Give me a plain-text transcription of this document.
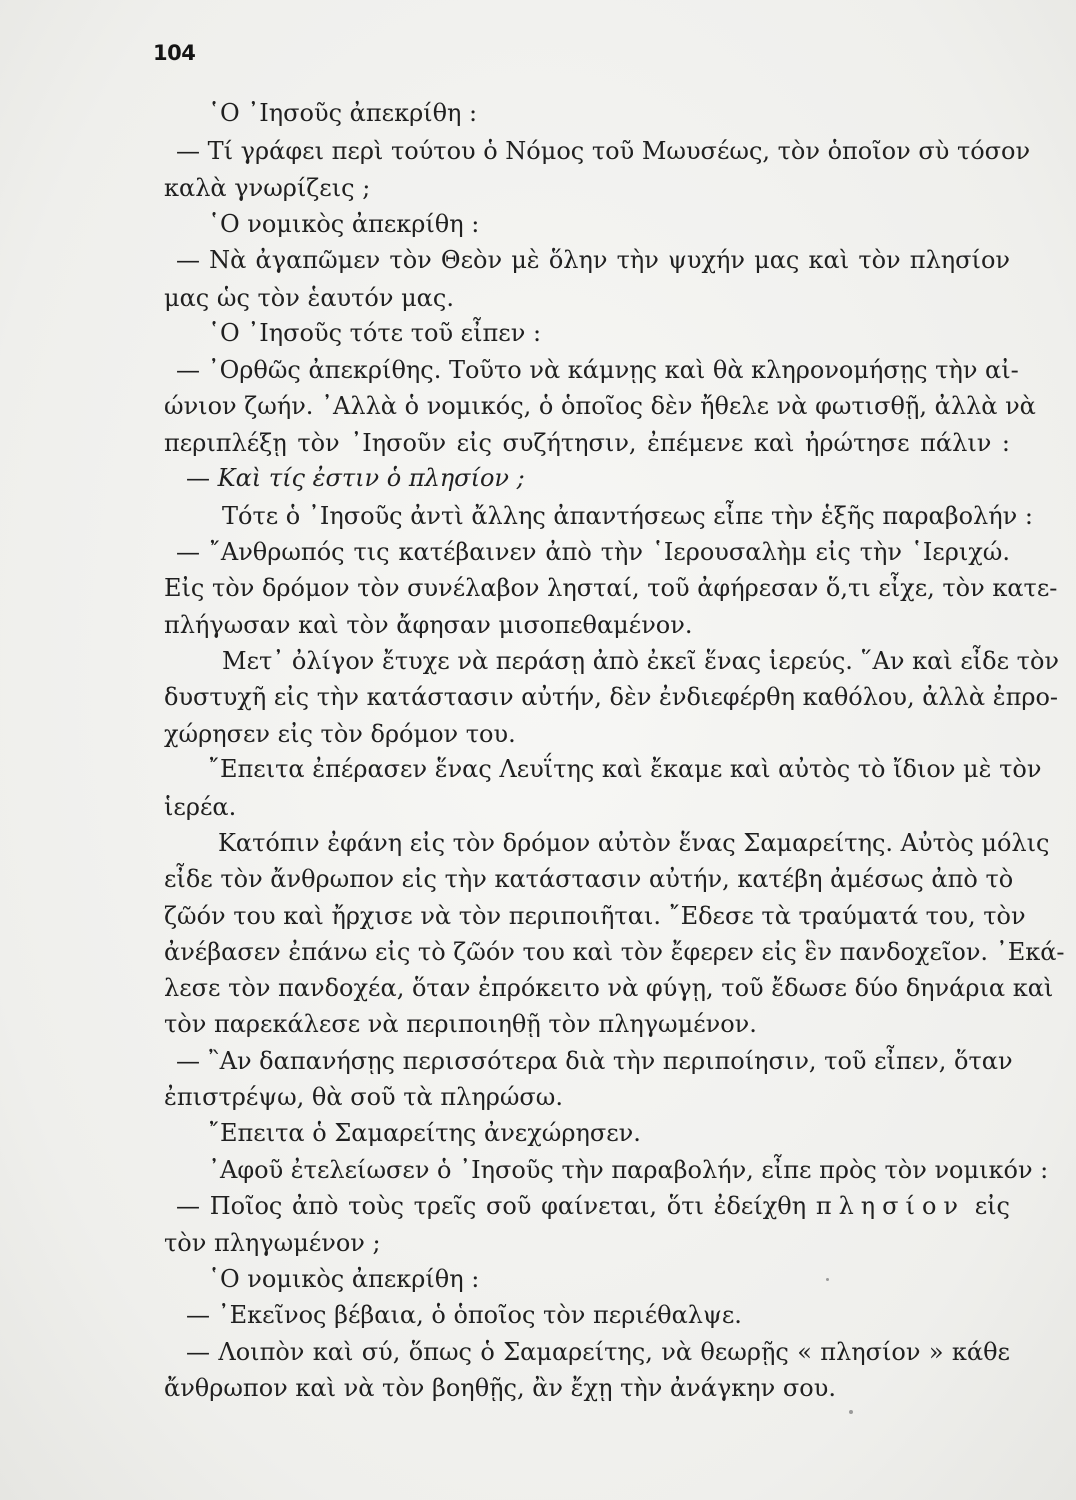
104
῾Ο ᾿Ιησοῦς ἀπεκρίθη :
— Τί γράφει περὶ τούτου ὁ Νόμος τοῦ Μωυσέως, τὸν ὁποῖον σὺ τόσον
καλὰ γνωρίζεις ;
῾Ο νομικὸς ἀπεκρίθη :
— Νὰ ἀγαπῶμεν τὸν Θεὸν μὲ ὅλην τὴν ψυχήν μας καὶ τὸν πλησίον
μας ὡς τὸν ἑαυτόν μας.
῾Ο ᾿Ιησοῦς τότε τοῦ εἶπεν :
— ᾿Ορθῶς ἀπεκρίθης. Τοῦτο νὰ κάμνῃς καὶ θὰ κληρονομήσῃς τὴν αἰ-
ώνιον ζωήν. ᾿Αλλὰ ὁ νομικός, ὁ ὁποῖος δὲν ἤθελε νὰ φωτισθῇ, ἀλλὰ νὰ
περιπλέξῃ τὸν ᾿Ιησοῦν εἰς συζήτησιν, ἐπέμενε καὶ ἠρώτησε πάλιν :
— Καὶ τίς ἐστιν ὁ πλησίον ;
Τότε ὁ ᾿Ιησοῦς ἀντὶ ἄλλης ἀπαντήσεως εἶπε τὴν ἑξῆς παραβολήν :
— ῎Ανθρωπός τις κατέβαινεν ἀπὸ τὴν ῾Ιερουσαλὴμ εἰς τὴν ῾Ιεριχώ.
Εἰς τὸν δρόμον τὸν συνέλαβον λησταί, τοῦ ἀφήρεσαν ὅ,τι εἶχε, τὸν κατε-
πλήγωσαν καὶ τὸν ἄφησαν μισοπεθαμένον.
Μετ᾿ ὀλίγον ἔτυχε νὰ περάσῃ ἀπὸ ἐκεῖ ἕνας ἱερεύς. ῞Αν καὶ εἶδε τὸν
δυστυχῆ εἰς τὴν κατάστασιν αὐτήν, δὲν ἐνδιεφέρθη καθόλου, ἀλλὰ ἐπρο-
χώρησεν εἰς τὸν δρόμον του.
῎Επειτα ἐπέρασεν ἕνας Λευΐτης καὶ ἔκαμε καὶ αὐτὸς τὸ ἴδιον μὲ τὸν
ἱερέα.
Κατόπιν ἐφάνη εἰς τὸν δρόμον αὐτὸν ἕνας Σαμαρείτης. Αὐτὸς μόλις
εἶδε τὸν ἄνθρωπον εἰς τὴν κατάστασιν αὐτήν, κατέβη ἀμέσως ἀπὸ τὸ
ζῶόν του καὶ ἤρχισε νὰ τὸν περιποιῆται. ῎Εδεσε τὰ τραύματά του, τὸν
ἀνέβασεν ἐπάνω εἰς τὸ ζῶόν του καὶ τὸν ἔφερεν εἰς ἓν πανδοχεῖον. ᾿Εκά-
λεσε τὸν πανδοχέα, ὅταν ἐπρόκειτο νὰ φύγῃ, τοῦ ἔδωσε δύο δηνάρια καὶ
τὸν παρεκάλεσε νὰ περιποιηθῇ τὸν πληγωμένον.
— ῍Αν δαπανήσῃς περισσότερα διὰ τὴν περιποίησιν, τοῦ εἶπεν, ὅταν
ἐπιστρέψω, θὰ σοῦ τὰ πληρώσω.
῎Επειτα ὁ Σαμαρείτης ἀνεχώρησεν.
᾿Αφοῦ ἐτελείωσεν ὁ ᾿Ιησοῦς τὴν παραβολήν, εἶπε πρὸς τὸν νομικόν :
— Ποῖος ἀπὸ τοὺς τρεῖς σοῦ φαίνεται, ὅτι ἐδείχθη πλησίον εἰς
τὸν πληγωμένον ;
῾Ο νομικὸς ἀπεκρίθη :
— ᾿Εκεῖνος βέβαια, ὁ ὁποῖος τὸν περιέθαλψε.
— Λοιπὸν καὶ σύ, ὅπως ὁ Σαμαρείτης, νὰ θεωρῇς « πλησίον » κάθε
ἄνθρωπον καὶ νὰ τὸν βοηθῇς, ἂν ἔχῃ τὴν ἀνάγκην σου.
